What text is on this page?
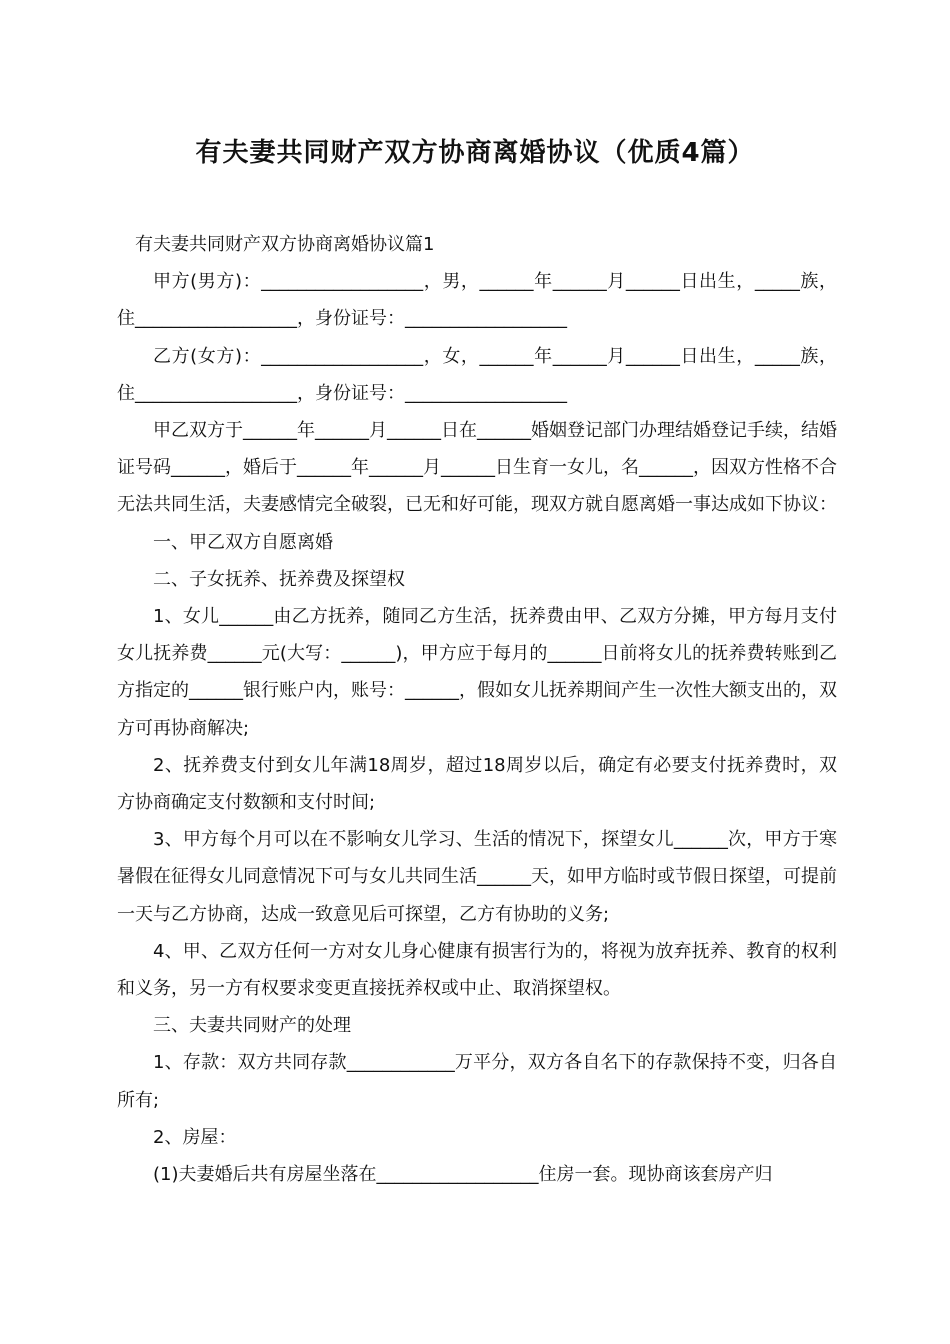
有夫妻共同财产双方协商离婚协议（优质4篇）

有夫妻共同财产双方协商离婚协议篇1

甲方(男方)：__________________，男，______年______月______日出生，_____族，住__________________，身份证号：__________________

乙方(女方)：__________________，女，______年______月______日出生，_____族，住__________________，身份证号：__________________

甲乙双方于______年______月______日在______婚姻登记部门办理结婚登记手续，结婚证号码______，婚后于______年______月______日生育一女儿，名______，因双方性格不合无法共同生活，夫妻感情完全破裂，已无和好可能，现双方就自愿离婚一事达成如下协议：

一、甲乙双方自愿离婚

二、子女抚养、抚养费及探望权

1、女儿______由乙方抚养，随同乙方生活，抚养费由甲、乙双方分摊，甲方每月支付女儿抚养费______元(大写：______)，甲方应于每月的______日前将女儿的抚养费转账到乙方指定的______银行账户内，账号：______，假如女儿抚养期间产生一次性大额支出的，双方可再协商解决;

2、抚养费支付到女儿年满18周岁，超过18周岁以后，确定有必要支付抚养费时，双方协商确定支付数额和支付时间;

3、甲方每个月可以在不影响女儿学习、生活的情况下，探望女儿______次，甲方于寒暑假在征得女儿同意情况下可与女儿共同生活______天，如甲方临时或节假日探望，可提前一天与乙方协商，达成一致意见后可探望，乙方有协助的义务;

4、甲、乙双方任何一方对女儿身心健康有损害行为的，将视为放弃抚养、教育的权利和义务，另一方有权要求变更直接抚养权或中止、取消探望权。

三、夫妻共同财产的处理

1、存款：双方共同存款____________万平分，双方各自名下的存款保持不变，归各自所有;

2、房屋：

(1)夫妻婚后共有房屋坐落在__________________住房一套。现协商该套房产归
